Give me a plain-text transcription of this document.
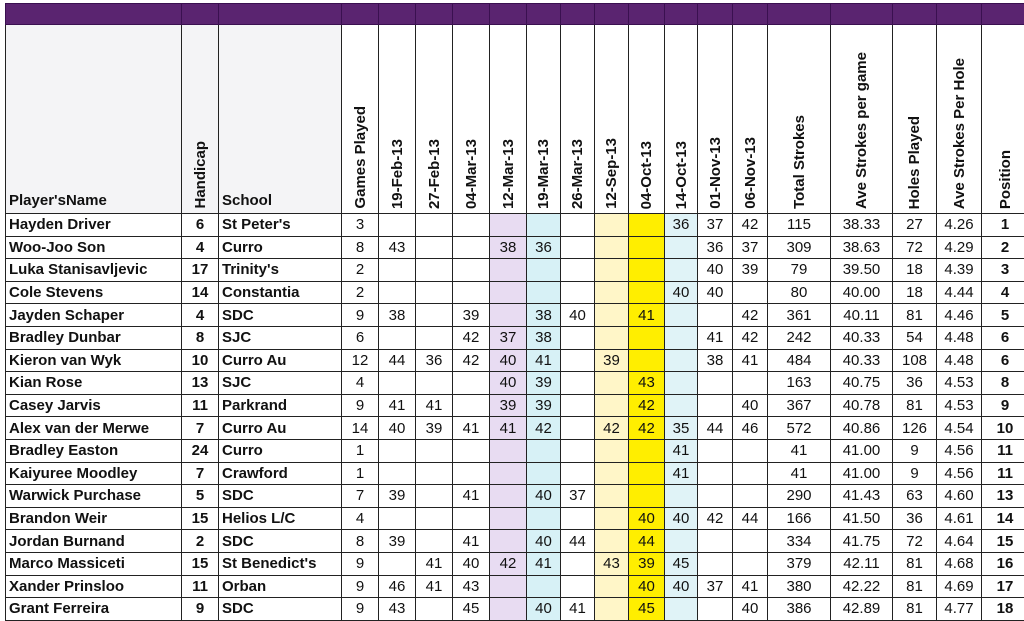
Player'sName	Handicap	School	Games Played	19-Feb-13	27-Feb-13	04-Mar-13	12-Mar-13	19-Mar-13	26-Mar-13	12-Sep-13	04-Oct-13	14-Oct-13	01-Nov-13	06-Nov-13	Total Strokes	Ave Strokes per game	Holes Played	Ave Strokes Per Hole	Position
Hayden Driver	6	St Peter's	3									36	37	42	115	38.33	27	4.26	1
Woo-Joo Son	4	Curro	8	43			38	36					36	37	309	38.63	72	4.29	2
Luka Stanisavljevic	17	Trinity's	2										40	39	79	39.50	18	4.39	3
Cole Stevens	14	Constantia	2									40	40		80	40.00	18	4.44	4
Jayden Schaper	4	SDC	9	38		39		38	40		41			42	361	40.11	81	4.46	5
Bradley Dunbar	8	SJC	6			42	37	38					41	42	242	40.33	54	4.48	6
Kieron van Wyk	10	Curro Au	12	44	36	42	40	41		39			38	41	484	40.33	108	4.48	6
Kian Rose	13	SJC	4				40	39			43				163	40.75	36	4.53	8
Casey Jarvis	11	Parkrand	9	41	41		39	39			42			40	367	40.78	81	4.53	9
Alex van der Merwe	7	Curro Au	14	40	39	41	41	42		42	42	35	44	46	572	40.86	126	4.54	10
Bradley Easton	24	Curro	1									41			41	41.00	9	4.56	11
Kaiyuree Moodley	7	Crawford	1									41			41	41.00	9	4.56	11
Warwick Purchase	5	SDC	7	39		41		40	37						290	41.43	63	4.60	13
Brandon Weir	15	Helios L/C	4								40	40	42	44	166	41.50	36	4.61	14
Jordan Burnand	2	SDC	8	39		41		40	44		44				334	41.75	72	4.64	15
Marco Massiceti	15	St Benedict's	9		41	40	42	41		43	39	45			379	42.11	81	4.68	16
Xander Prinsloo	11	Orban	9	46	41	43					40	40	37	41	380	42.22	81	4.69	17
Grant Ferreira	9	SDC	9	43		45		40	41		45			40	386	42.89	81	4.77	18
